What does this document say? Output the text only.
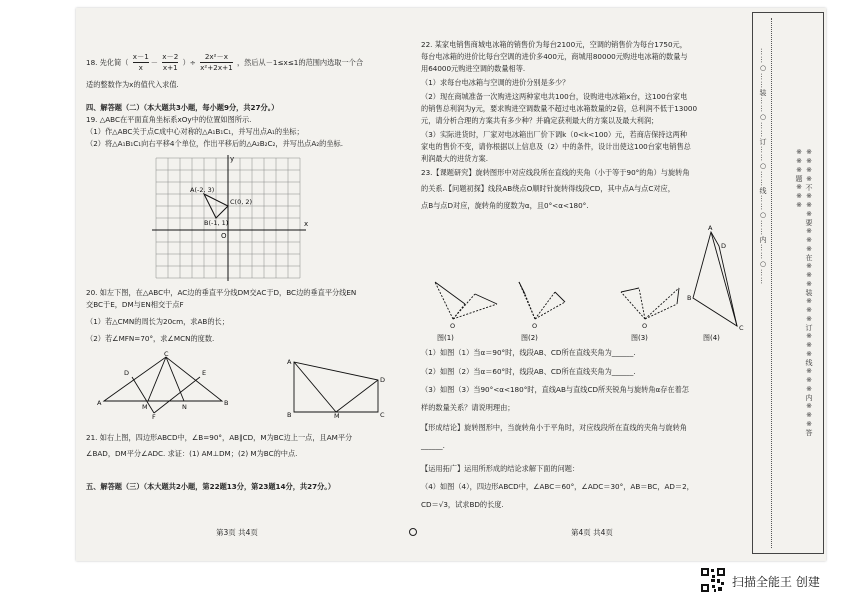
18. 先化简（ $\frac{x-1}{x} - \frac{x-2}{x+1}$ ）÷ $\frac{\text{2x²－x}}{\text{x²+2x+1}}$ ，然后从－1≤x≤1的范围内选取一个合
适的整数作为x的值代入求值.
四、解答题（二）（本大题共3小题，每小题9分，共27分。）
19. △ABC在平面直角坐标系xOy中的位置如图所示.
（1）作△ABC关于点C成中心对称的△A₁B₁C₁，并写出点A₁的坐标；
（2）将△A₁B₁C₁向右平移4个单位，作出平移后的△A₂B₂C₂，并写出点A₂的坐标.
y
x
O
A(-2, 3)
C(0, 2)
B(-1, 1)
20. 如左下图，在△ABC中，AC边的垂直平分线DM交AC于D，BC边的垂直平分线EN
交BC于E，DM与EN相交于点F
（1）若△CMN的周长为20cm，求AB的长；
（2）若∠MFN=70°，求∠MCN的度数.
A
C
B
D	E
M	N
F
A
B	C
D
M
21. 如右上图，四边形ABCD中，∠B=90°，AB∥CD，M为BC边上一点，且AM平分
∠BAD，DM平分∠ADC. 求证：(1) AM⊥DM；(2) M为BC的中点.
五、解答题（三）（本大题共2小题，第22题13分，第23题14分，共27分。）
第3页 共4页
22. 某家电销售商城电冰箱的销售价为每台2100元，空调的销售价为每台1750元，
每台电冰箱的进价比每台空调的进价多400元，商城用80000元购进电冰箱的数量与
用64000元购进空调的数量相等.
（1）求每台电冰箱与空调的进价分别是多少？
（2）现在商城准备一次购进这两种家电共100台，设购进电冰箱x台，这100台家电
的销售总利润为y元，要求购进空调数量不超过电冰箱数量的2倍，总利润不低于13000
元，请分析合理的方案共有多少种？并确定获利最大的方案以及最大利润；
（3）实际进货时，厂家对电冰箱出厂价下调k（0<k<100）元，若商店保持这两种
家电的售价不变，请你根据以上信息及（2）中的条件，设计出使这100台家电销售总
利润最大的进货方案.
23.【课题研究】旋转图形中对应线段所在直线的夹角（小于等于90°的角）与旋转角
的关系.【问题初探】线段AB绕点O顺时针旋转得线段CD，其中点A与点C对应，
点B与点D对应，旋转角的度数为α，且0°<α<180°.
O	O	O
B
C
A
D
图(1)	图(2)	图(3)	图(4)
（1）如图（1）当α＝90°时，线段AB、CD所在直线夹角为______.
（2）如图（2）当α＝60°时，线段AB、CD所在直线夹角为______.
（3）如图（3）当90°<α<180°时，直线AB与直线CD所夹锐角与旋转角α存在着怎
样的数量关系？请说明理由；
【形成结论】旋转图形中，当旋转角小于平角时，对应线段所在直线的夹角与旋转角
______.
【运用拓广】运用所形成的结论求解下面的问题：
（4）如图（4），四边形ABCD中，∠ABC＝60°，∠ADC＝30°，AB＝BC，AD＝2，
CD＝√3，试求BD的长度.
第4页 共4页
……○……装……○……订……○……线……○……内……○……	※※※※不※※※要※※※在※※※装※※※订※※※线※※※内※※※答※※※题※※※
扫描全能王 创建
